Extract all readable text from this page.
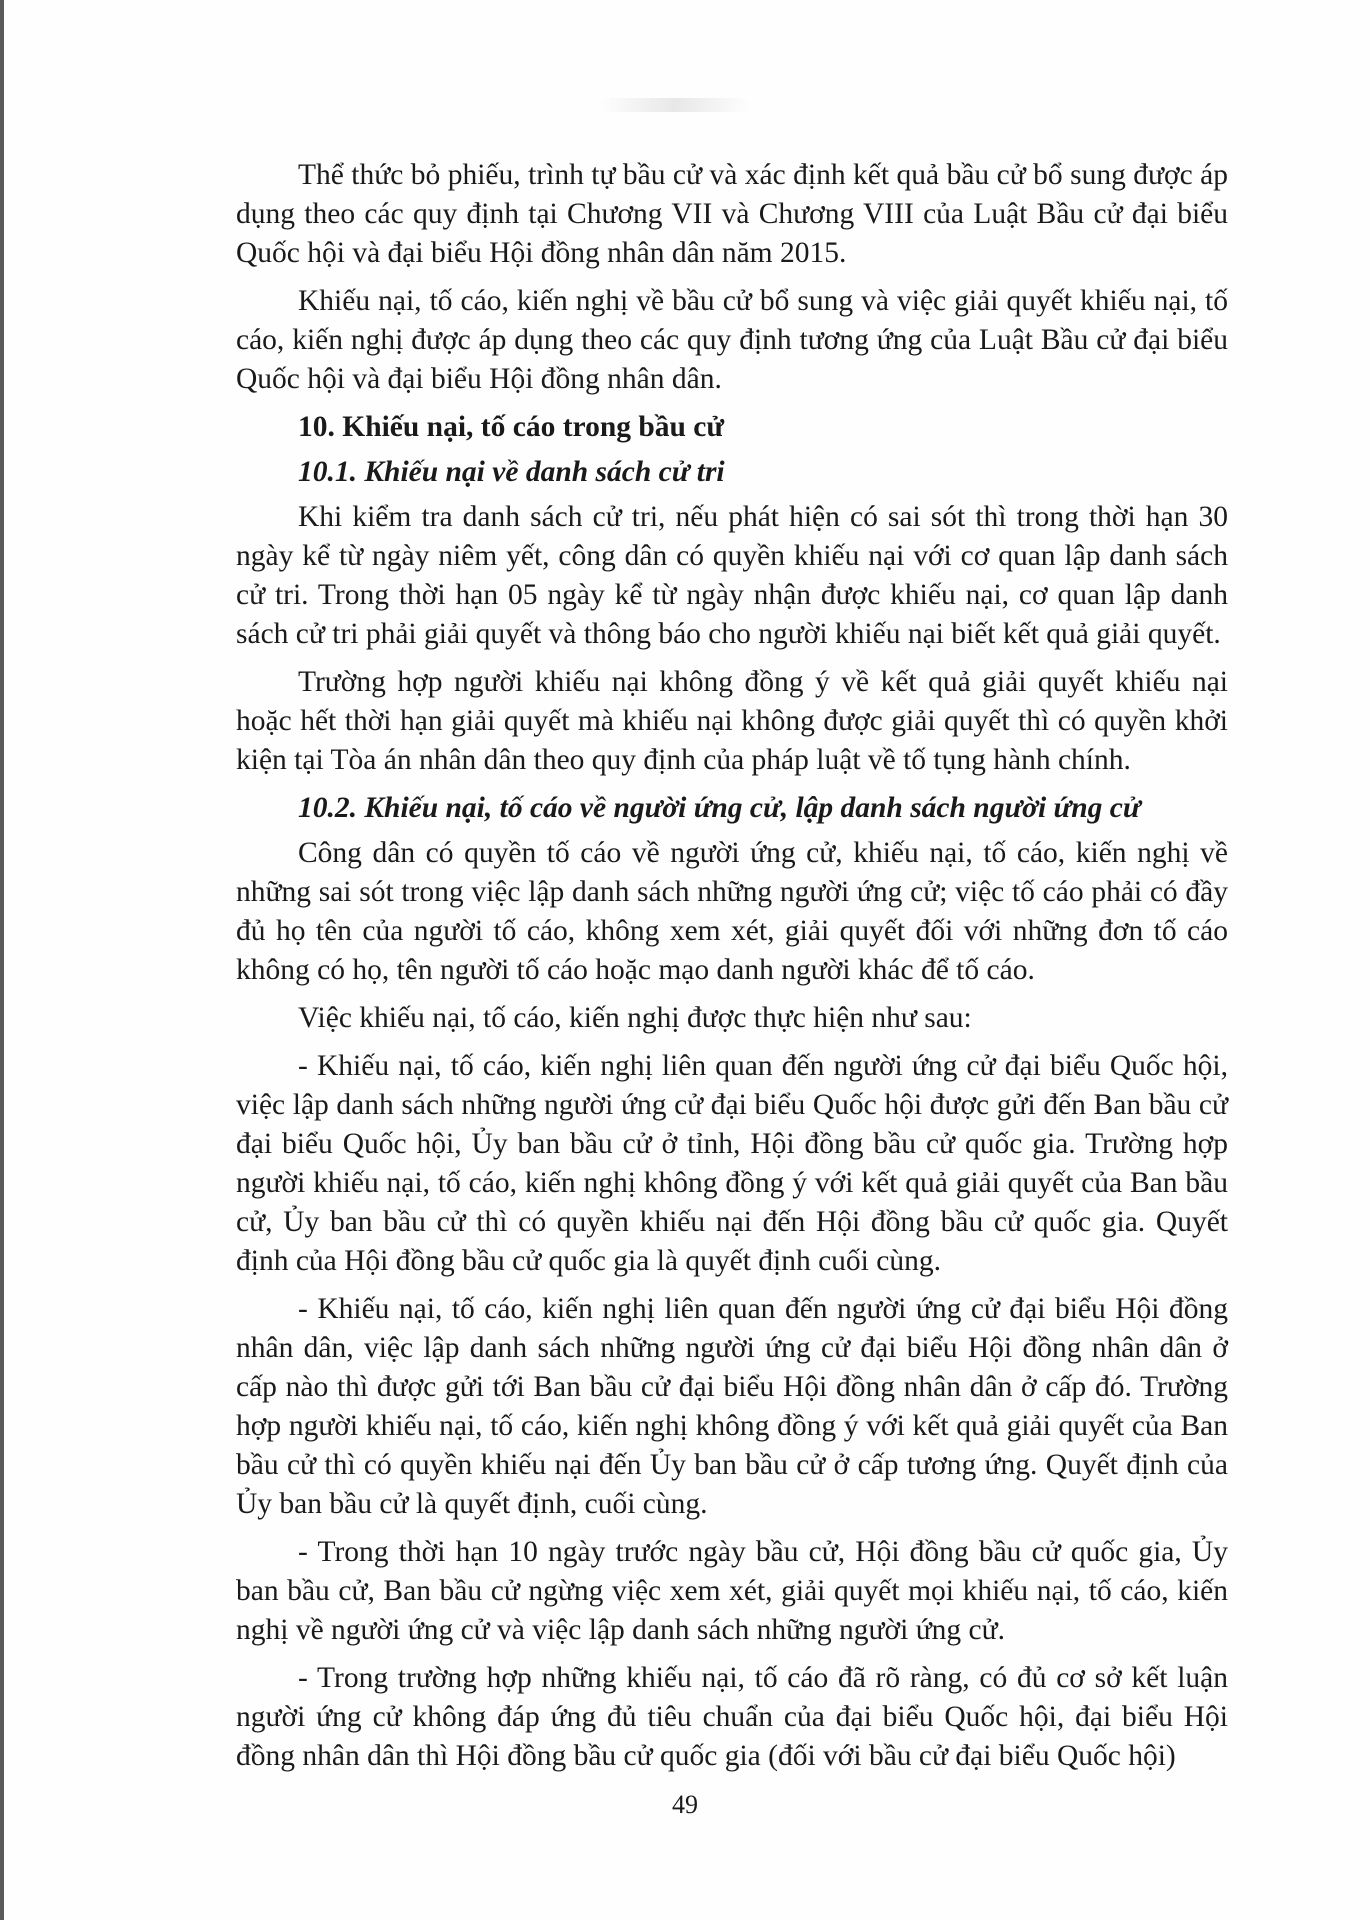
Thể thức bỏ phiếu, trình tự bầu cử và xác định kết quả bầu cử bổ sung được áp dụng theo các quy định tại Chương VII và Chương VIII của Luật Bầu cử đại biểu Quốc hội và đại biểu Hội đồng nhân dân năm 2015.

Khiếu nại, tố cáo, kiến nghị về bầu cử bổ sung và việc giải quyết khiếu nại, tố cáo, kiến nghị được áp dụng theo các quy định tương ứng của Luật Bầu cử đại biểu Quốc hội và đại biểu Hội đồng nhân dân.

10. Khiếu nại, tố cáo trong bầu cử

10.1. Khiếu nại về danh sách cử tri

Khi kiểm tra danh sách cử tri, nếu phát hiện có sai sót thì trong thời hạn 30 ngày kể từ ngày niêm yết, công dân có quyền khiếu nại với cơ quan lập danh sách cử tri. Trong thời hạn 05 ngày kể từ ngày nhận được khiếu nại, cơ quan lập danh sách cử tri phải giải quyết và thông báo cho người khiếu nại biết kết quả giải quyết.

Trường hợp người khiếu nại không đồng ý về kết quả giải quyết khiếu nại hoặc hết thời hạn giải quyết mà khiếu nại không được giải quyết thì có quyền khởi kiện tại Tòa án nhân dân theo quy định của pháp luật về tố tụng hành chính.

10.2. Khiếu nại, tố cáo về người ứng cử, lập danh sách người ứng cử

Công dân có quyền tố cáo về người ứng cử, khiếu nại, tố cáo, kiến nghị về những sai sót trong việc lập danh sách những người ứng cử; việc tố cáo phải có đầy đủ họ tên của người tố cáo, không xem xét, giải quyết đối với những đơn tố cáo không có họ, tên người tố cáo hoặc mạo danh người khác để tố cáo.

Việc khiếu nại, tố cáo, kiến nghị được thực hiện như sau:

- Khiếu nại, tố cáo, kiến nghị liên quan đến người ứng cử đại biểu Quốc hội, việc lập danh sách những người ứng cử đại biểu Quốc hội được gửi đến Ban bầu cử đại biểu Quốc hội, Ủy ban bầu cử ở tỉnh, Hội đồng bầu cử quốc gia. Trường hợp người khiếu nại, tố cáo, kiến nghị không đồng ý với kết quả giải quyết của Ban bầu cử, Ủy ban bầu cử thì có quyền khiếu nại đến Hội đồng bầu cử quốc gia. Quyết định của Hội đồng bầu cử quốc gia là quyết định cuối cùng.

- Khiếu nại, tố cáo, kiến nghị liên quan đến người ứng cử đại biểu Hội đồng nhân dân, việc lập danh sách những người ứng cử đại biểu Hội đồng nhân dân ở cấp nào thì được gửi tới Ban bầu cử đại biểu Hội đồng nhân dân ở cấp đó. Trường hợp người khiếu nại, tố cáo, kiến nghị không đồng ý với kết quả giải quyết của Ban bầu cử thì có quyền khiếu nại đến Ủy ban bầu cử ở cấp tương ứng. Quyết định của Ủy ban bầu cử là quyết định, cuối cùng.

- Trong thời hạn 10 ngày trước ngày bầu cử, Hội đồng bầu cử quốc gia, Ủy ban bầu cử, Ban bầu cử ngừng việc xem xét, giải quyết mọi khiếu nại, tố cáo, kiến nghị về người ứng cử và việc lập danh sách những người ứng cử.

- Trong trường hợp những khiếu nại, tố cáo đã rõ ràng, có đủ cơ sở kết luận người ứng cử không đáp ứng đủ tiêu chuẩn của đại biểu Quốc hội, đại biểu Hội đồng nhân dân thì Hội đồng bầu cử quốc gia (đối với bầu cử đại biểu Quốc hội)

49
